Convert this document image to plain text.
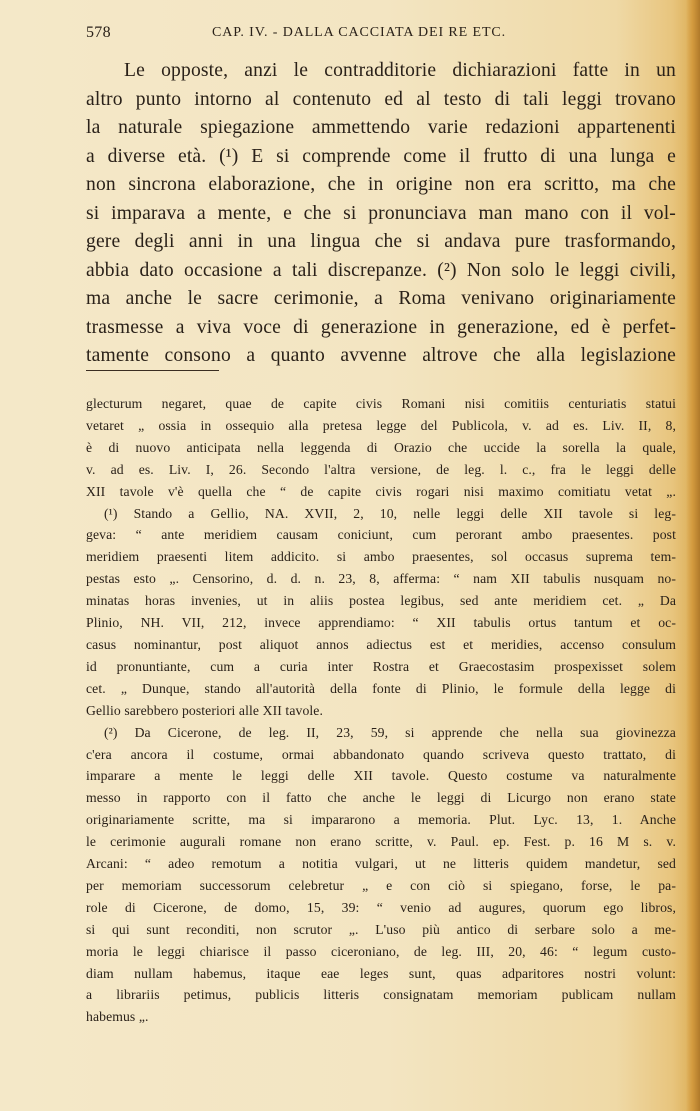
578	CAP. IV. - DALLA CACCIATA DEI RE ETC.
Le opposte, anzi le contradditorie dichiarazioni fatte in un
altro punto intorno al contenuto ed al testo di tali leggi trovano
la naturale spiegazione ammettendo varie redazioni appartenenti
a diverse età. (¹) E si comprende come il frutto di una lunga e
non sincrona elaborazione, che in origine non era scritto, ma che
si imparava a mente, e che si pronunciava man mano con il vol-
gere degli anni in una lingua che si andava pure trasformando,
abbia dato occasione a tali discrepanze. (²) Non solo le leggi civili,
ma anche le sacre cerimonie, a Roma venivano originariamente
trasmesse a viva voce di generazione in generazione, ed è perfet-
tamente consono a quanto avvenne altrove che alla legislazione
glecturum negaret, quae de capite civis Romani nisi comitiis centuriatis statui
vetaret „ ossia in ossequio alla pretesa legge del Publicola, v. ad es. Liv. II, 8,
è di nuovo anticipata nella leggenda di Orazio che uccide la sorella la quale,
v. ad es. Liv. I, 26. Secondo l'altra versione, de leg. l. c., fra le leggi delle
XII tavole v'è quella che “ de capite civis rogari nisi maximo comitiatu vetat „.
(¹) Stando a Gellio, NA. XVII, 2, 10, nelle leggi delle XII tavole si leg-
geva: “ ante meridiem causam coniciunt, cum perorant ambo praesentes. post
meridiem praesenti litem addicito. si ambo praesentes, sol occasus suprema tem-
pestas esto „. Censorino, d. d. n. 23, 8, afferma: “ nam XII tabulis nusquam no-
minatas horas invenies, ut in aliis postea legibus, sed ante meridiem cet. „ Da
Plinio, NH. VII, 212, invece apprendiamo: “ XII tabulis ortus tantum et oc-
casus nominantur, post aliquot annos adiectus est et meridies, accenso consulum
id pronuntiante, cum a curia inter Rostra et Graecostasim prospexisset solem
cet. „ Dunque, stando all'autorità della fonte di Plinio, le formule della legge di
Gellio sarebbero posteriori alle XII tavole.
(²) Da Cicerone, de leg. II, 23, 59, si apprende che nella sua giovinezza
c'era ancora il costume, ormai abbandonato quando scriveva questo trattato, di
imparare a mente le leggi delle XII tavole. Questo costume va naturalmente
messo in rapporto con il fatto che anche le leggi di Licurgo non erano state
originariamente scritte, ma si impararono a memoria. Plut. Lyc. 13, 1. Anche
le cerimonie augurali romane non erano scritte, v. Paul. ep. Fest. p. 16 M s. v.
Arcani: “ adeo remotum a notitia vulgari, ut ne litteris quidem mandetur, sed
per memoriam successorum celebretur „ e con ciò si spiegano, forse, le pa-
role di Cicerone, de domo, 15, 39: “ venio ad augures, quorum ego libros,
si qui sunt reconditi, non scrutor „. L'uso più antico di serbare solo a me-
moria le leggi chiarisce il passo ciceroniano, de leg. III, 20, 46: “ legum custo-
diam nullam habemus, itaque eae leges sunt, quas adparitores nostri volunt:
a librariis petimus, publicis litteris consignatam memoriam publicam nullam
habemus „.
